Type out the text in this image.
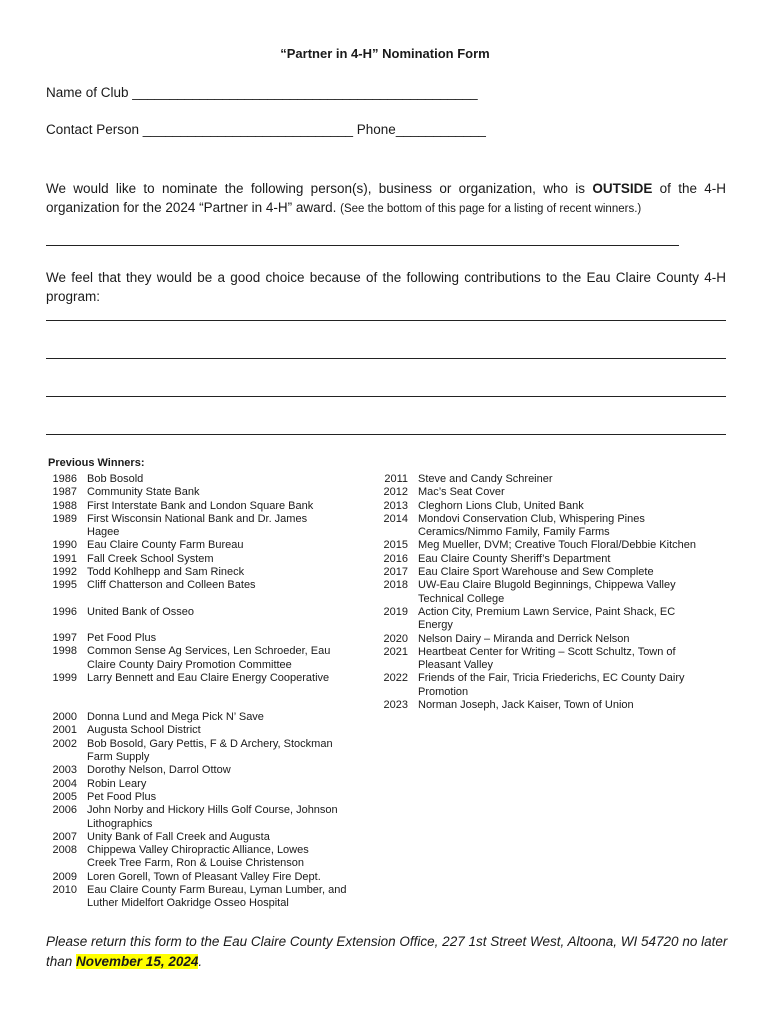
“Partner in 4-H” Nomination Form
Name of Club ______________________________________________
Contact Person ____________________________ Phone____________
We would like to nominate the following person(s), business or organization, who is OUTSIDE of the 4-H organization for the 2024 “Partner in 4-H” award. (See the bottom of this page for a listing of recent winners.)
We feel that they would be a good choice because of the following contributions to the Eau Claire County 4-H program:
Previous Winners:
1986 Bob Bosold
1987 Community State Bank
1988 First Interstate Bank and London Square Bank
1989 First Wisconsin National Bank and Dr. James Hagee
1990 Eau Claire County Farm Bureau
1991 Fall Creek School System
1992 Todd Kohlhepp and Sam Rineck
1995 Cliff Chatterson and Colleen Bates
1996 United Bank of Osseo
1997 Pet Food Plus
1998 Common Sense Ag Services, Len Schroeder, Eau Claire County Dairy Promotion Committee
1999 Larry Bennett and Eau Claire Energy Cooperative
2000 Donna Lund and Mega Pick N’ Save
2001 Augusta School District
2002 Bob Bosold, Gary Pettis, F & D Archery, Stockman Farm Supply
2003 Dorothy Nelson, Darrol Ottow
2004 Robin Leary
2005 Pet Food Plus
2006 John Norby and Hickory Hills Golf Course, Johnson Lithographics
2007 Unity Bank of Fall Creek and Augusta
2008 Chippewa Valley Chiropractic Alliance, Lowes Creek Tree Farm, Ron & Louise Christenson
2009 Loren Gorell, Town of Pleasant Valley Fire Dept.
2010 Eau Claire County Farm Bureau, Lyman Lumber, and Luther Midelfort Oakridge Osseo Hospital
2011 Steve and Candy Schreiner
2012 Mac’s Seat Cover
2013 Cleghorn Lions Club, United Bank
2014 Mondovi Conservation Club, Whispering Pines Ceramics/Nimmo Family, Family Farms
2015 Meg Mueller, DVM; Creative Touch Floral/Debbie Kitchen
2016 Eau Claire County Sheriff’s Department
2017 Eau Claire Sport Warehouse and Sew Complete
2018 UW-Eau Claire Blugold Beginnings, Chippewa Valley Technical College
2019 Action City, Premium Lawn Service, Paint Shack, EC Energy
2020 Nelson Dairy – Miranda and Derrick Nelson
2021 Heartbeat Center for Writing – Scott Schultz, Town of Pleasant Valley
2022 Friends of the Fair, Tricia Friederichs, EC County Dairy Promotion
2023 Norman Joseph, Jack Kaiser, Town of Union
Please return this form to the Eau Claire County Extension Office, 227 1st Street West, Altoona, WI 54720 no later than November 15, 2024.
